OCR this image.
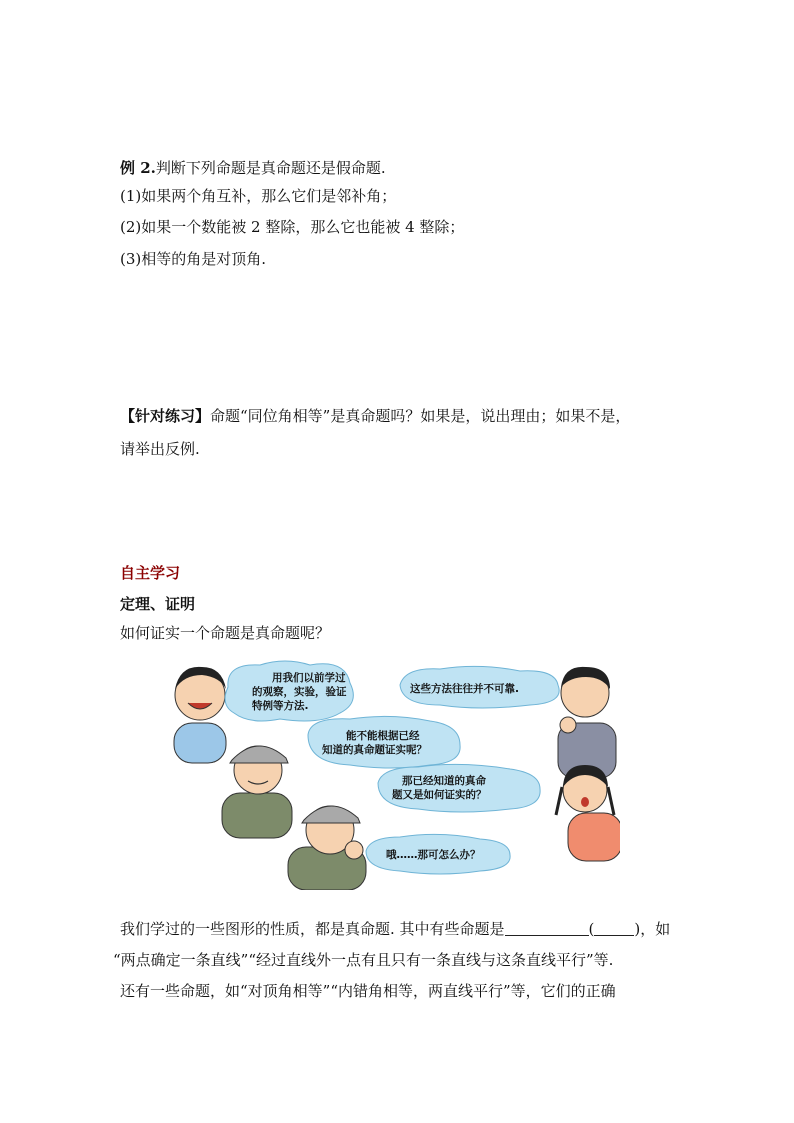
例 2.判断下列命题是真命题还是假命题.
(1)如果两个角互补，那么它们是邻补角；
(2)如果一个数能被 2 整除，那么它也能被 4 整除；
(3)相等的角是对顶角.
【针对练习】命题“同位角相等”是真命题吗？如果是，说出理由；如果不是，
请举出反例.
自主学习
定理、证明
如何证实一个命题是真命题呢？
用我们以前学过
的观察，实验，验证
特例等方法.
这些方法往往并不可靠.
能不能根据已经
知道的真命题证实呢？
那已经知道的真命
题又是如何证实的？
哦……那可怎么办？
我们学过的一些图形的性质，都是真命题. 其中有些命题是	(	)，如
“两点确定一条直线”“经过直线外一点有且只有一条直线与这条直线平行”等.
还有一些命题，如“对顶角相等”“内错角相等，两直线平行”等，它们的正确
